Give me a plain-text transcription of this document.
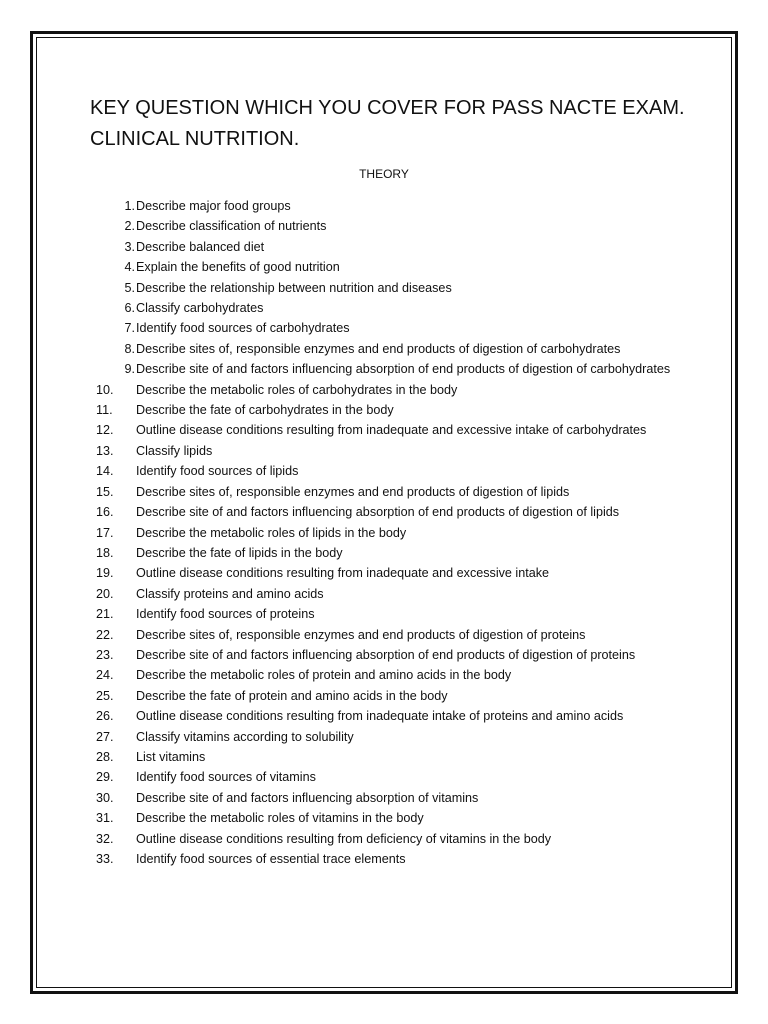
KEY QUESTION WHICH YOU COVER FOR PASS NACTE EXAM.
CLINICAL NUTRITION.
THEORY
1. Describe major food groups
2. Describe classification of nutrients
3. Describe balanced diet
4. Explain the benefits of good nutrition
5. Describe the relationship between nutrition and diseases
6. Classify carbohydrates
7. Identify food sources of carbohydrates
8. Describe sites of, responsible enzymes and end products of digestion of carbohydrates
9. Describe site of and factors influencing absorption of end products of digestion of carbohydrates
10.	Describe the metabolic roles of carbohydrates in the body
11.	Describe the fate of carbohydrates in the body
12.	Outline disease conditions resulting from inadequate and excessive intake of carbohydrates
13.	Classify lipids
14.	Identify food sources of lipids
15.	Describe sites of, responsible enzymes and end products of digestion of lipids
16.	Describe site of and factors influencing absorption of end products of digestion of lipids
17.	Describe the metabolic roles of lipids in the body
18.	Describe the fate of lipids in the body
19.	Outline disease conditions resulting from inadequate and excessive intake
20.	Classify proteins and amino acids
21.	Identify food sources of proteins
22.	Describe sites of, responsible enzymes and end products of digestion of proteins
23.	Describe site of and factors influencing absorption of end products of digestion of proteins
24.	Describe the metabolic roles of protein and amino acids in the body
25.	Describe the fate of protein and amino acids in the body
26.	Outline disease conditions resulting from inadequate intake of proteins and amino acids
27.	Classify vitamins according to solubility
28.	List vitamins
29.	Identify food sources of vitamins
30.	Describe site of and factors influencing absorption of vitamins
31.	Describe the metabolic roles of vitamins in the body
32.	Outline disease conditions resulting from deficiency of vitamins in the body
33.	Identify food sources of essential trace elements
